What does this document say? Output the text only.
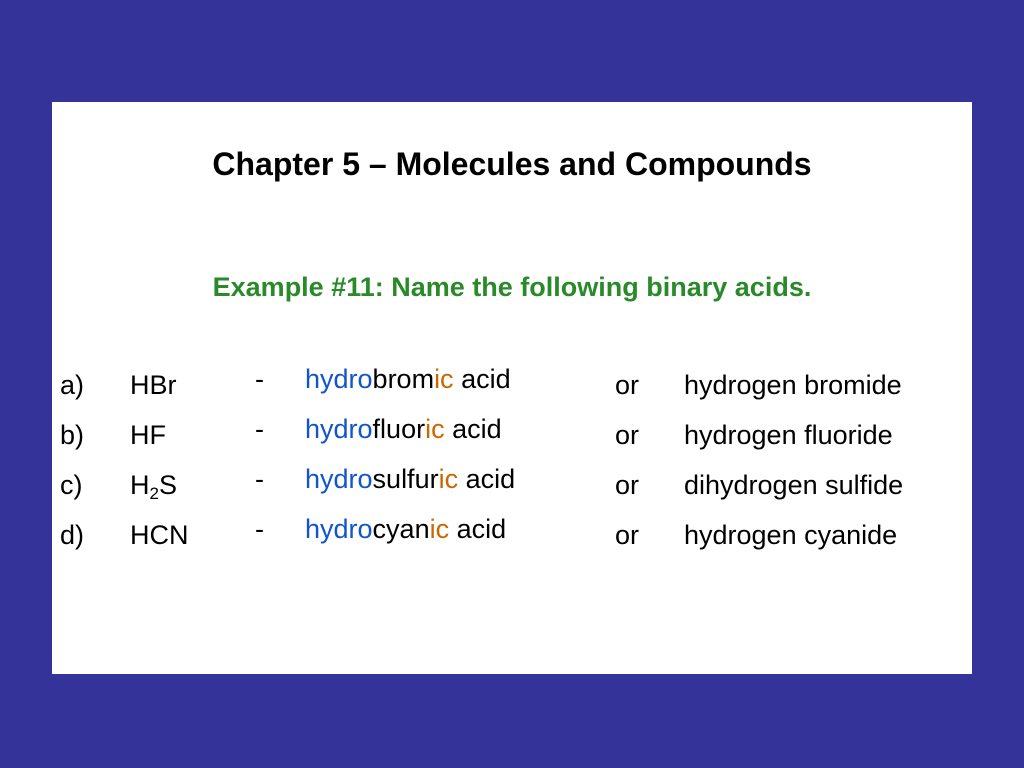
Chapter 5 – Molecules and Compounds
Example #11: Name the following binary acids.
a) HBr	- hydrobromic acid	or hydrogen bromide
b) HF	- hydrofluoric acid	or hydrogen fluoride
c) $H_2S$	- hydrosulfuric acid	or dihydrogen sulfide
d) HCN - hydrocyanic acid	or hydrogen cyanide
